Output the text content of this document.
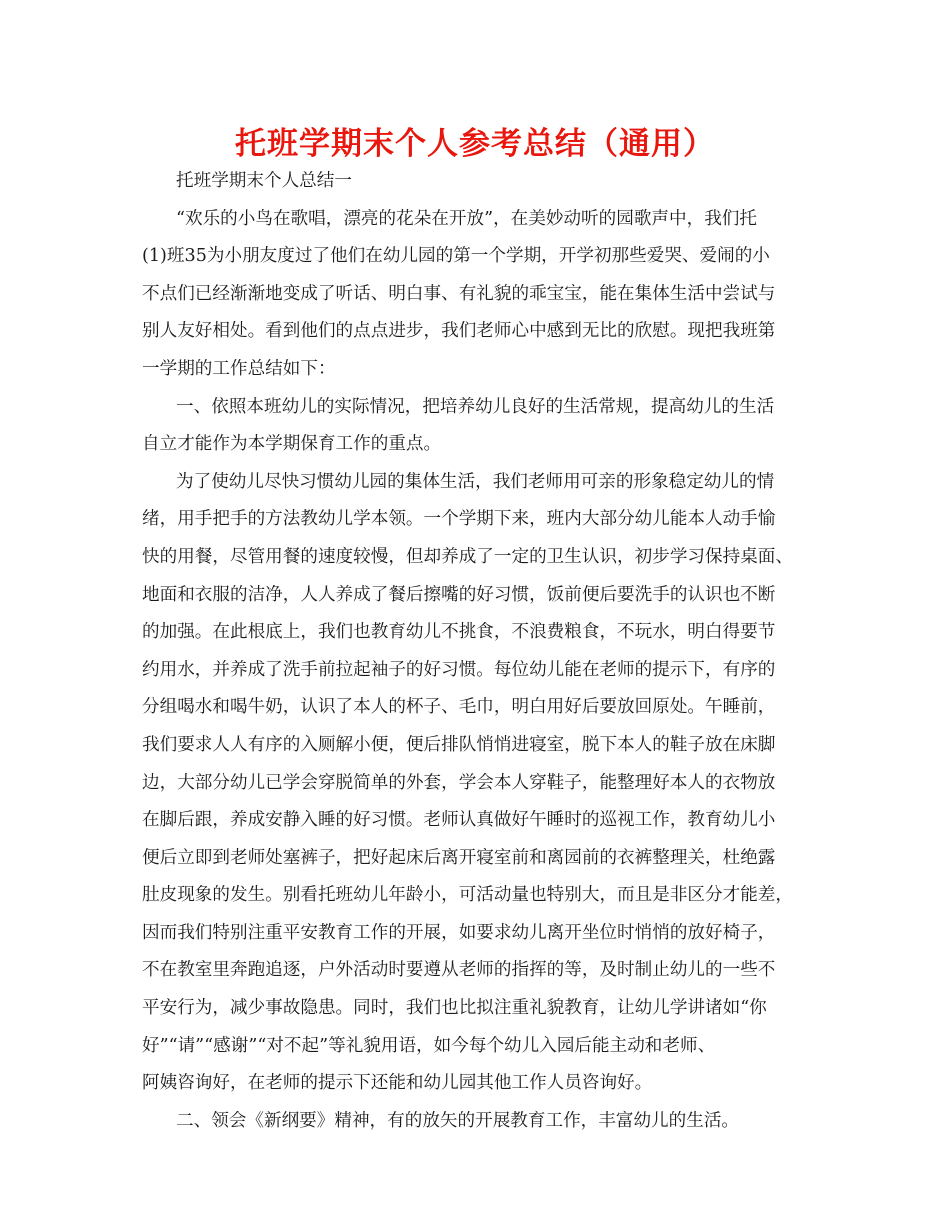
托班学期末个人参考总结（通用）
托班学期末个人总结一
“欢乐的小鸟在歌唱，漂亮的花朵在开放”，在美妙动听的园歌声中，我们托
(1)班35为小朋友度过了他们在幼儿园的第一个学期，开学初那些爱哭、爱闹的小
不点们已经渐渐地变成了听话、明白事、有礼貌的乖宝宝，能在集体生活中尝试与
别人友好相处。看到他们的点点进步，我们老师心中感到无比的欣慰。现把我班第
一学期的工作总结如下：
一、依照本班幼儿的实际情况，把培养幼儿良好的生活常规，提高幼儿的生活
自立才能作为本学期保育工作的重点。
为了使幼儿尽快习惯幼儿园的集体生活，我们老师用可亲的形象稳定幼儿的情
绪，用手把手的方法教幼儿学本领。一个学期下来，班内大部分幼儿能本人动手愉
快的用餐，尽管用餐的速度较慢，但却养成了一定的卫生认识，初步学习保持桌面、
地面和衣服的洁净，人人养成了餐后擦嘴的好习惯，饭前便后要洗手的认识也不断
的加强。在此根底上，我们也教育幼儿不挑食，不浪费粮食，不玩水，明白得要节
约用水，并养成了洗手前拉起袖子的好习惯。每位幼儿能在老师的提示下，有序的
分组喝水和喝牛奶，认识了本人的杯子、毛巾，明白用好后要放回原处。午睡前，
我们要求人人有序的入厕解小便，便后排队悄悄进寝室，脱下本人的鞋子放在床脚
边，大部分幼儿已学会穿脱简单的外套，学会本人穿鞋子，能整理好本人的衣物放
在脚后跟，养成安静入睡的好习惯。老师认真做好午睡时的巡视工作，教育幼儿小
便后立即到老师处塞裤子，把好起床后离开寝室前和离园前的衣裤整理关，杜绝露
肚皮现象的发生。别看托班幼儿年龄小，可活动量也特别大，而且是非区分才能差，
因而我们特别注重平安教育工作的开展，如要求幼儿离开坐位时悄悄的放好椅子，
不在教室里奔跑追逐，户外活动时要遵从老师的指挥的等，及时制止幼儿的一些不
平安行为，减少事故隐患。同时，我们也比拟注重礼貌教育，让幼儿学讲诸如“你
好”“请”“感谢”“对不起”等礼貌用语，如今每个幼儿入园后能主动和老师、
阿姨咨询好，在老师的提示下还能和幼儿园其他工作人员咨询好。
二、领会《新纲要》精神，有的放矢的开展教育工作，丰富幼儿的生活。
